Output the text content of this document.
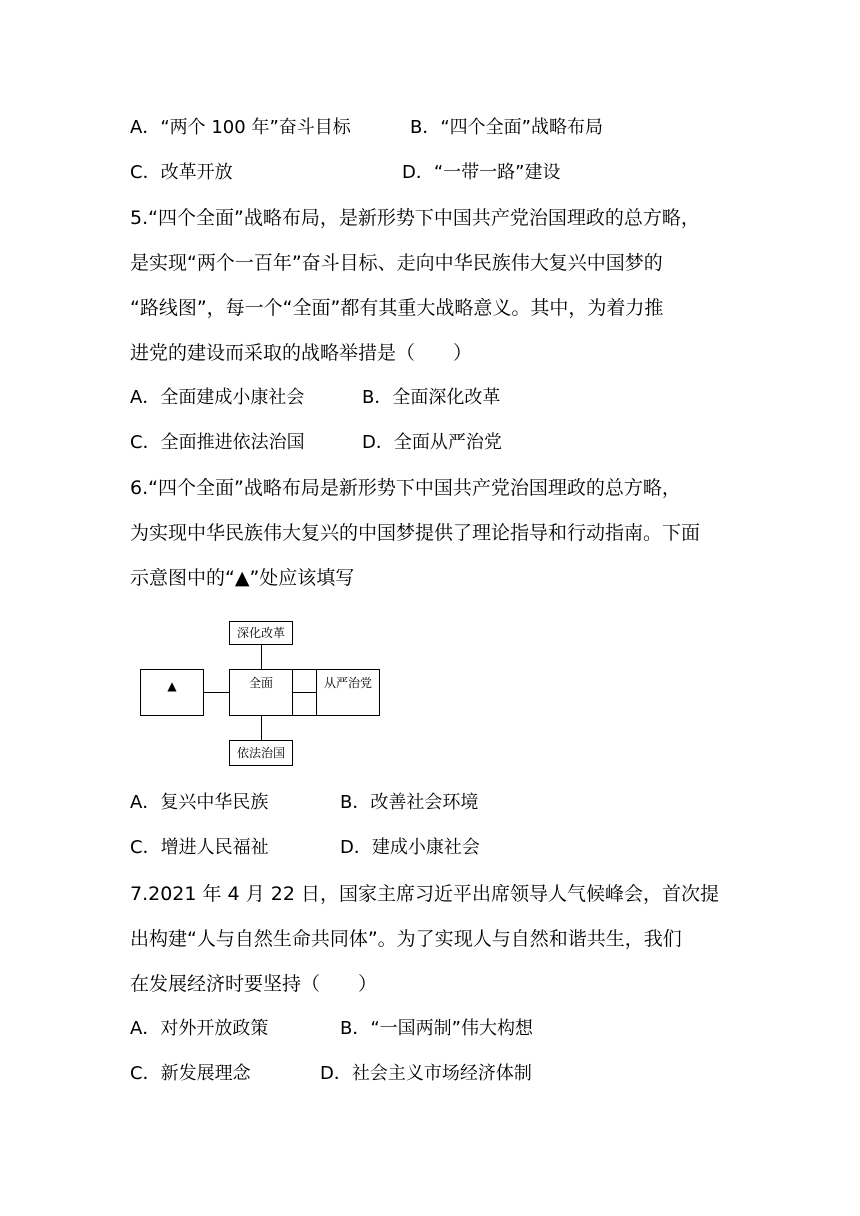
A．“两个 100 年”奋斗目标	B．“四个全面”战略布局
C．改革开放	D．“一带一路”建设
5.“四个全面”战略布局，是新形势下中国共产党治国理政的总方略，
是实现“两个一百年”奋斗目标、走向中华民族伟大复兴中国梦的
“路线图”，每一个“全面”都有其重大战略意义。其中，为着力推
进党的建设而采取的战略举措是（　　）
A．全面建成小康社会	B．全面深化改革
C．全面推进依法治国	D．全面从严治党
6.“四个全面”战略布局是新形势下中国共产党治国理政的总方略，
为实现中华民族伟大复兴的中国梦提供了理论指导和行动指南。下面
示意图中的“▲”处应该填写
深化改革
▲	全面	从严治党
依法治国
A．复兴中华民族	B．改善社会环境
C．增进人民福祉	D．建成小康社会
7.2021 年 4 月 22 日，国家主席习近平出席领导人气候峰会，首次提
出构建“人与自然生命共同体”。为了实现人与自然和谐共生，我们
在发展经济时要坚持（　　）
A．对外开放政策	B．“一国两制”伟大构想
C．新发展理念	D．社会主义市场经济体制
